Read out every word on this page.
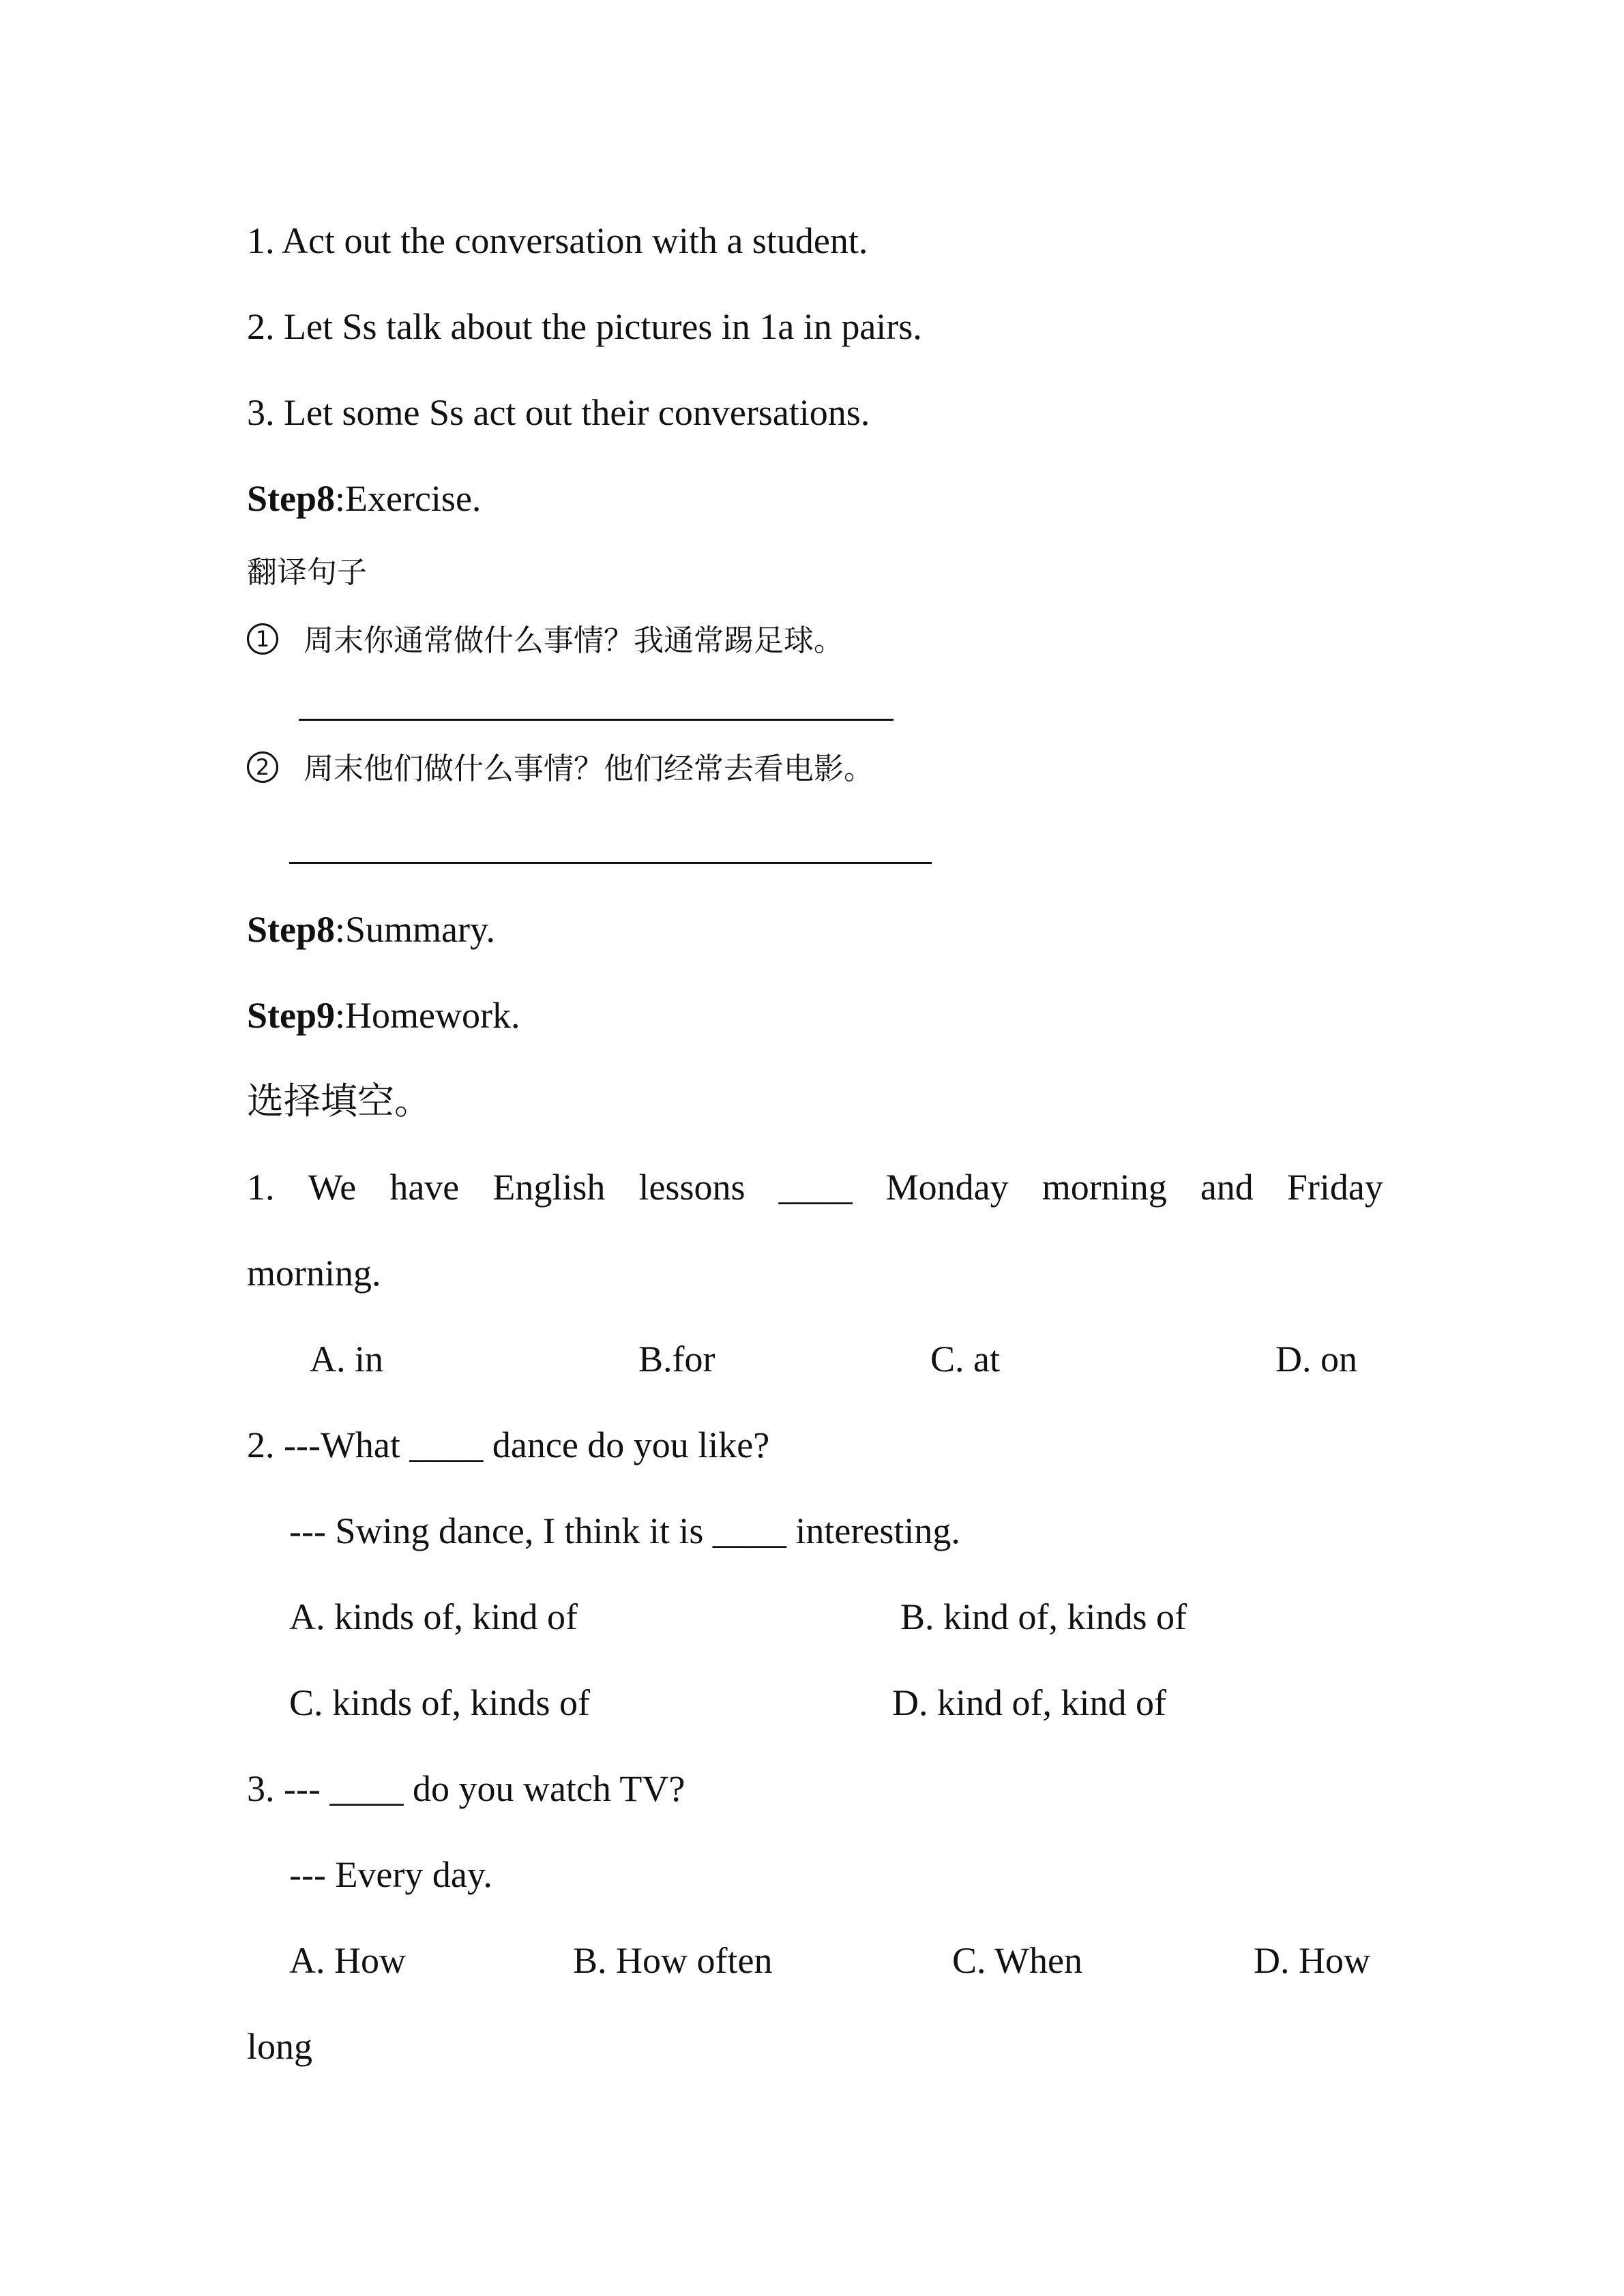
1. Act out the conversation with a student.
2. Let Ss talk about the pictures in 1a in pairs.
3. Let some Ss act out their conversations.
Step8:Exercise.
翻译句子
1 周末你通常做什么事情？我通常踢足球。
2 周末他们做什么事情？他们经常去看电影。
Step8:Summary.
Step9:Homework.
选择填空。
1. We have English lessons ____ Monday morning and Friday
morning.
A. in	B.for	C. at	D. on
2. ---What ____ dance do you like?
--- Swing dance, I think it is ____ interesting.
A. kinds of, kind of	B. kind of, kinds of
C. kinds of, kinds of	D. kind of, kind of
3. --- ____ do you watch TV?
--- Every day.
A. How	B. How often	C. When	D. How
long
